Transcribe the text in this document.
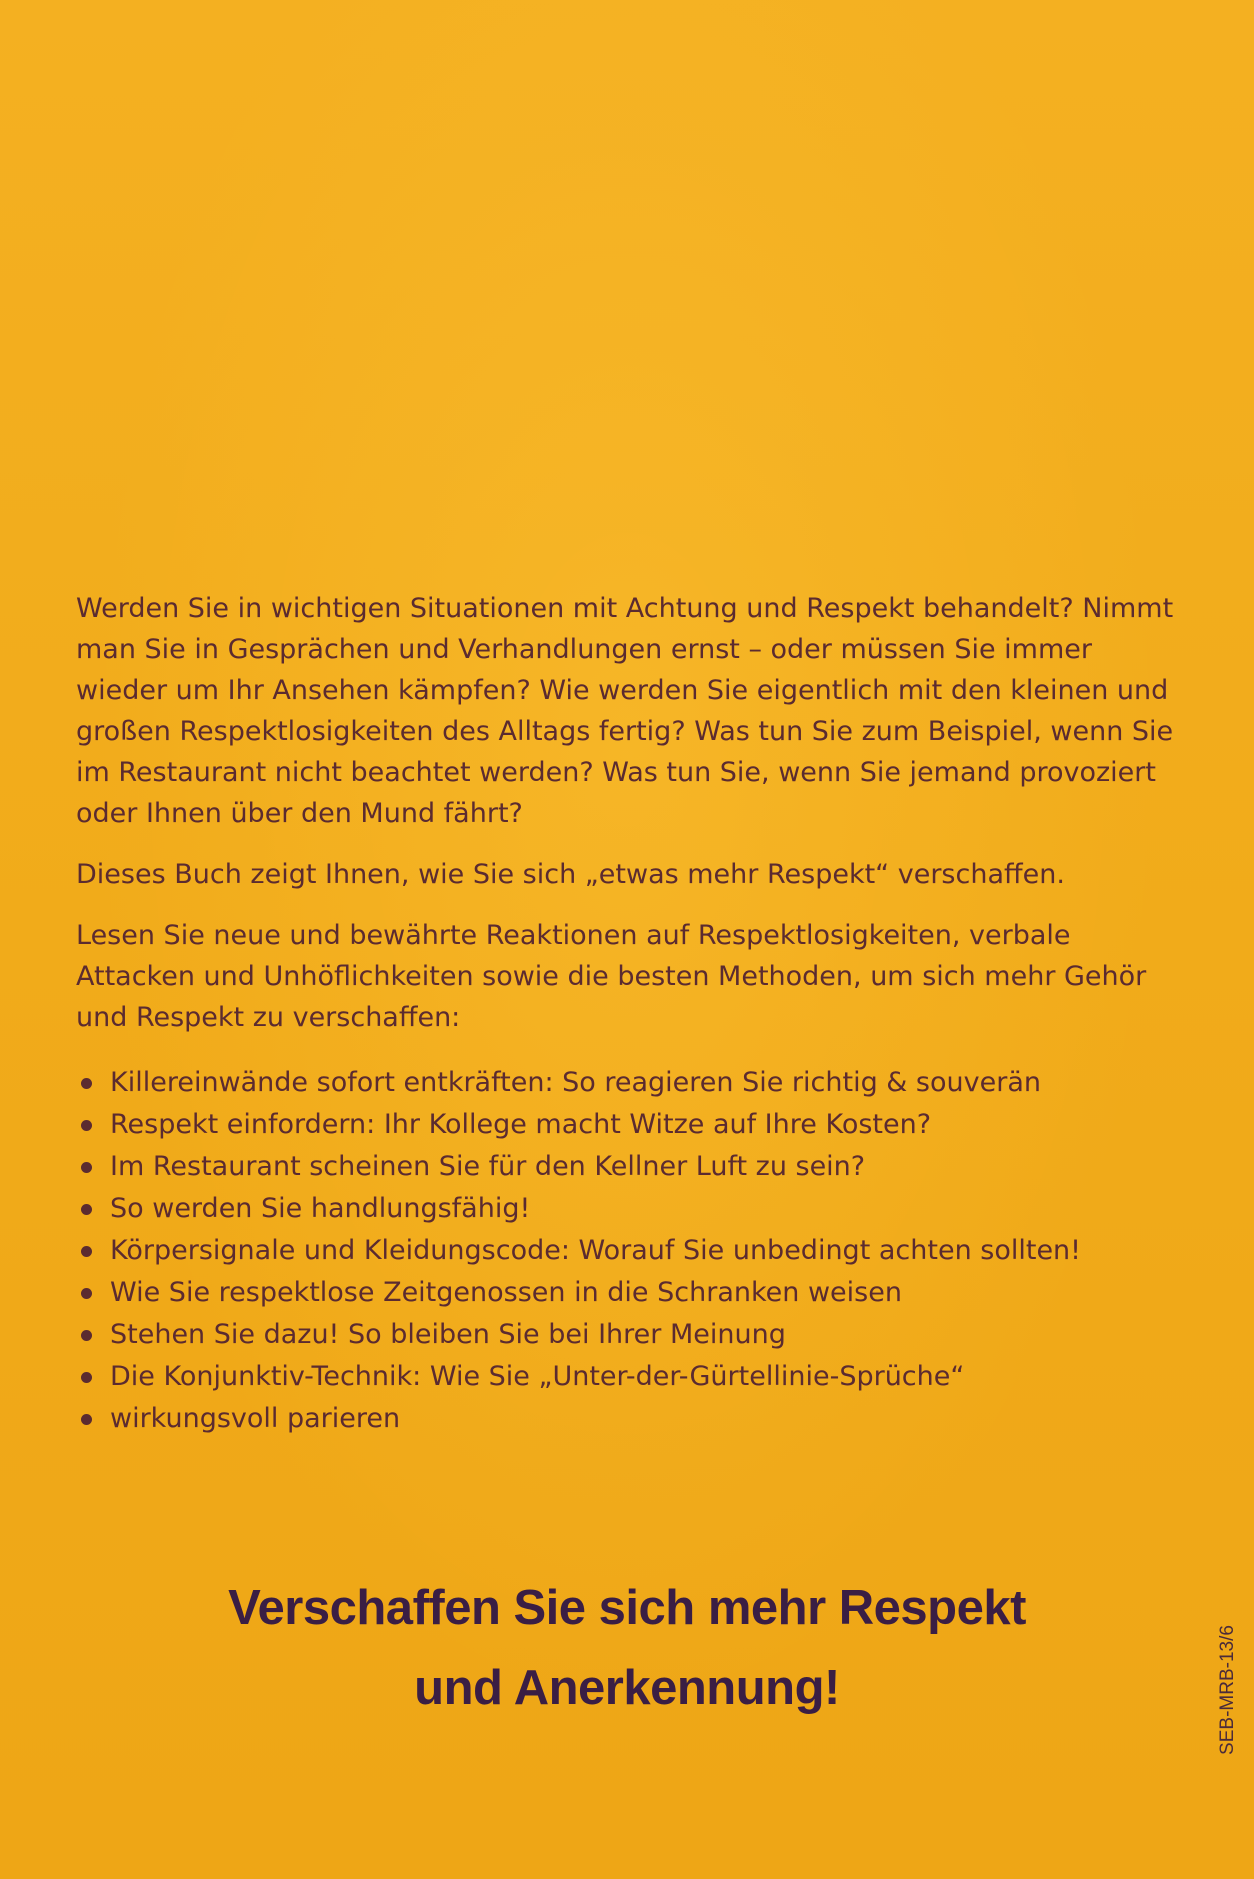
Werden Sie in wichtigen Situationen mit Achtung und Respekt behandelt? Nimmt man Sie in Gesprächen und Verhandlungen ernst – oder müssen Sie immer wieder um Ihr Ansehen kämpfen? Wie werden Sie eigentlich mit den kleinen und großen Respektlosigkeiten des Alltags fertig? Was tun Sie zum Beispiel, wenn Sie im Restaurant nicht beachtet werden? Was tun Sie, wenn Sie jemand provoziert oder Ihnen über den Mund fährt?

Dieses Buch zeigt Ihnen, wie Sie sich „etwas mehr Respekt“ verschaffen.

Lesen Sie neue und bewährte Reaktionen auf Respektlosigkeiten, verbale Attacken und Unhöflichkeiten sowie die besten Methoden, um sich mehr Gehör und Respekt zu verschaffen:

Killereinwände sofort entkräften: So reagieren Sie richtig & souverän
Respekt einfordern: Ihr Kollege macht Witze auf Ihre Kosten?
Im Restaurant scheinen Sie für den Kellner Luft zu sein?
So werden Sie handlungsfähig!
Körpersignale und Kleidungscode: Worauf Sie unbedingt achten sollten!
Wie Sie respektlose Zeitgenossen in die Schranken weisen
Stehen Sie dazu! So bleiben Sie bei Ihrer Meinung
Die Konjunktiv-Technik: Wie Sie „Unter-der-Gürtellinie-Sprüche“
wirkungsvoll parieren
Verschaffen Sie sich mehr Respekt
und Anerkennung!	SEB-MRB-13/6
